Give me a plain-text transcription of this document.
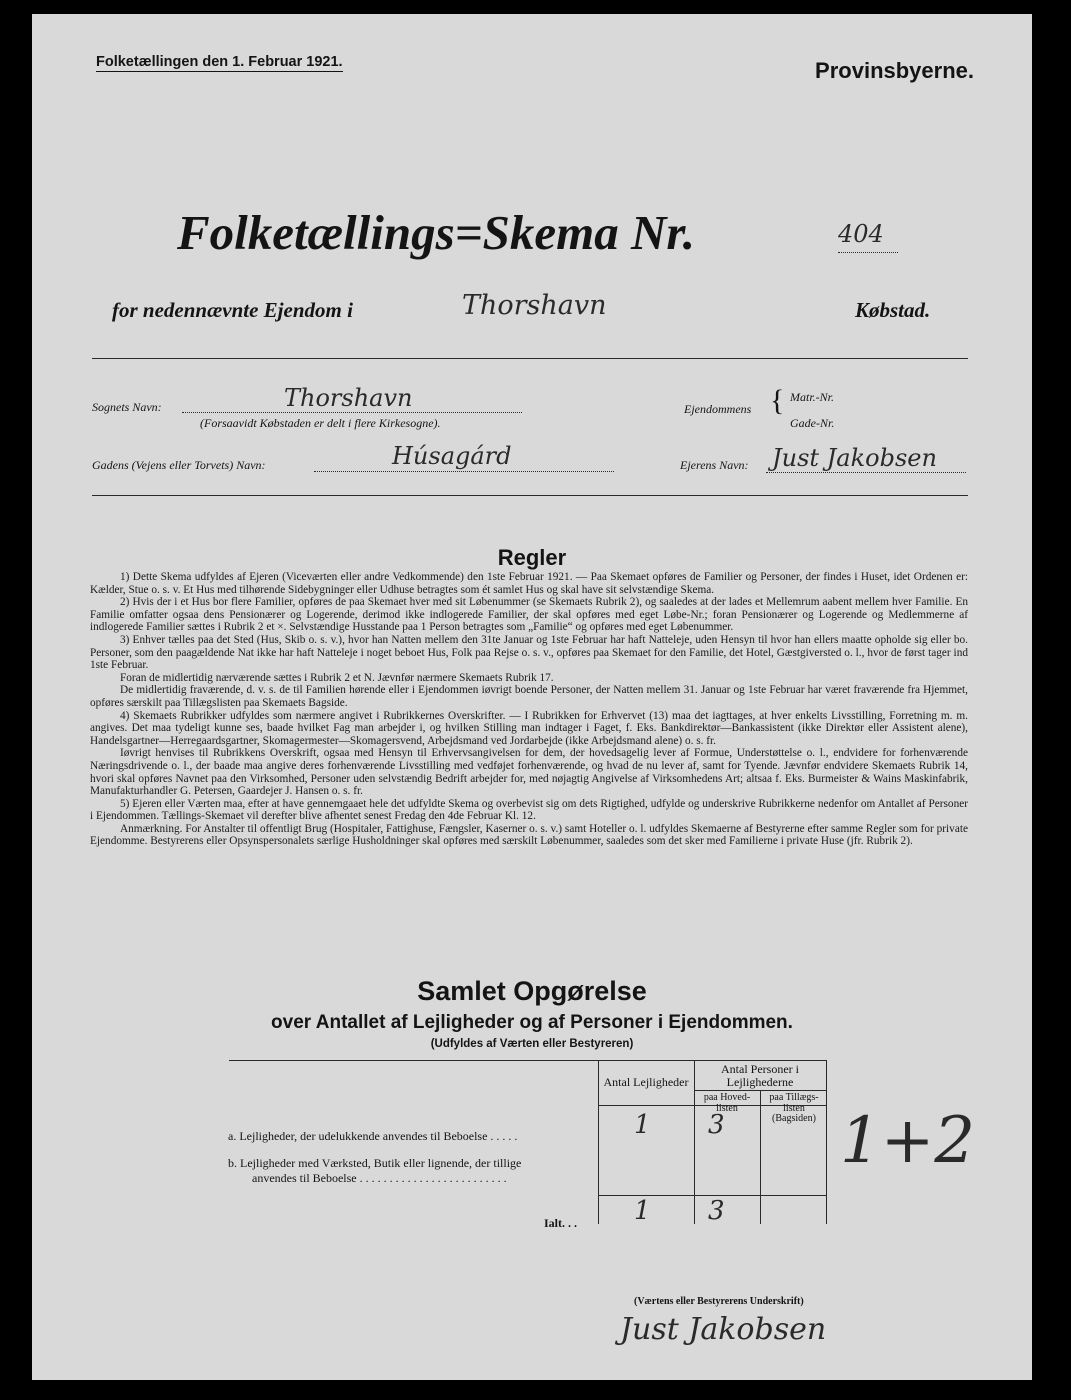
Folketællingen den 1. Februar 1921.	Provinsbyerne.
Folketællings=Skema Nr.	404
for nedennævnte Ejendom i	Thorshavn	Købstad.
Sognets Navn:	Thorshavn
(Forsaavidt Købstaden er delt i flere Kirkesogne).
Ejendommens { Matr.-Nr.
Gade-Nr.
Gadens (Vejens eller Torvets) Navn:	Húsagárd	Ejerens Navn: Just Jakobsen
Regler

1) Dette Skema udfyldes af Ejeren (Viceværten eller andre Vedkommende) den 1ste Februar 1921. — Paa Skemaet opføres de Familier og Personer, der findes i Huset, idet Ordenen er: Kælder, Stue o. s. v. Et Hus med tilhørende Sidebygninger eller Udhuse betragtes som ét samlet Hus og skal have sit selvstændige Skema.

2) Hvis der i et Hus bor flere Familier, opføres de paa Skemaet hver med sit Løbenummer (se Skemaets Rubrik 2), og saaledes at der lades et Mellemrum aabent mellem hver Familie. En Familie omfatter ogsaa dens Pensionærer og Logerende, derimod ikke indlogerede Familier, der skal opføres med eget Løbe-Nr.; foran Pensionærer og Logerende og Medlemmerne af indlogerede Familier sættes i Rubrik 2 et ×. Selvstændige Husstande paa 1 Person betragtes som „Familie“ og opføres med eget Løbenummer.

3) Enhver tælles paa det Sted (Hus, Skib o. s. v.), hvor han Natten mellem den 31te Januar og 1ste Februar har haft Natteleje, uden Hensyn til hvor han ellers maatte opholde sig eller bo. Personer, som den paagældende Nat ikke har haft Natteleje i noget beboet Hus, Folk paa Rejse o. s. v., opføres paa Skemaet for den Familie, det Hotel, Gæstgiversted o. l., hvor de først tager ind 1ste Februar.

Foran de midlertidig nærværende sættes i Rubrik 2 et N. Jævnfør nærmere Skemaets Rubrik 17.

De midlertidig fraværende, d. v. s. de til Familien hørende eller i Ejendommen iøvrigt boende Personer, der Natten mellem 31. Januar og 1ste Februar har været fraværende fra Hjemmet, opføres særskilt paa Tillægslisten paa Skemaets Bagside.

4) Skemaets Rubrikker udfyldes som nærmere angivet i Rubrikkernes Overskrifter. — I Rubrikken for Erhvervet (13) maa det iagttages, at hver enkelts Livsstilling, Forretning m. m. angives. Det maa tydeligt kunne ses, baade hvilket Fag man arbejder i, og hvilken Stilling man indtager i Faget, f. Eks. Bankdirektør—Bankassistent (ikke Direktør eller Assistent alene), Handelsgartner—Herregaardsgartner, Skomagermester—Skomagersvend, Arbejdsmand ved Jordarbejde (ikke Arbejdsmand alene) o. s. fr.

Iøvrigt henvises til Rubrikkens Overskrift, ogsaa med Hensyn til Erhvervsangivelsen for dem, der hovedsagelig lever af Formue, Understøttelse o. l., endvidere for forhenværende Næringsdrivende o. l., der baade maa angive deres forhenværende Livsstilling med vedføjet forhenværende, og hvad de nu lever af, samt for Tyende. Jævnfør endvidere Skemaets Rubrik 14, hvori skal opføres Navnet paa den Virksomhed, Personer uden selvstændig Bedrift arbejder for, med nøjagtig Angivelse af Virksomhedens Art; altsaa f. Eks. Burmeister & Wains Maskinfabrik, Manufakturhandler G. Petersen, Gaardejer J. Hansen o. s. fr.

5) Ejeren eller Værten maa, efter at have gennemgaaet hele det udfyldte Skema og overbevist sig om dets Rigtighed, udfylde og underskrive Rubrikkerne nedenfor om Antallet af Personer i Ejendommen. Tællings-Skemaet vil derefter blive afhentet senest Fredag den 4de Februar Kl. 12.

Anmærkning. For Anstalter til offentligt Brug (Hospitaler, Fattighuse, Fængsler, Kaserner o. s. v.) samt Hoteller o. l. udfyldes Skemaerne af Bestyrerne efter samme Regler som for private Ejendomme. Bestyrerens eller Opsynspersonalets særlige Husholdninger skal opføres med særskilt Løbenummer, saaledes som det sker med Familierne i private Huse (jfr. Rubrik 2).

Samlet Opgørelse
over Antallet af Lejligheder og af Personer i Ejendommen.
(Udfyldes af Værten eller Bestyreren)
Antal Lejligheder
Antal Personer i Lejlighederne
paa Hoved-listen
paa Tillægs-listen (Bagsiden)
a. Lejligheder, der udelukkende anvendes til Beboelse . . . . .	1 3
b. Lejligheder med Værksted, Butik eller lignende, der tillige
anvendes til Beboelse . . . . . . . . . . . . . . . . . . . . . . . . .
Ialt. . . 1 3
1+2
(Værtens eller Bestyrerens Underskrift)
Just Jakobsen
